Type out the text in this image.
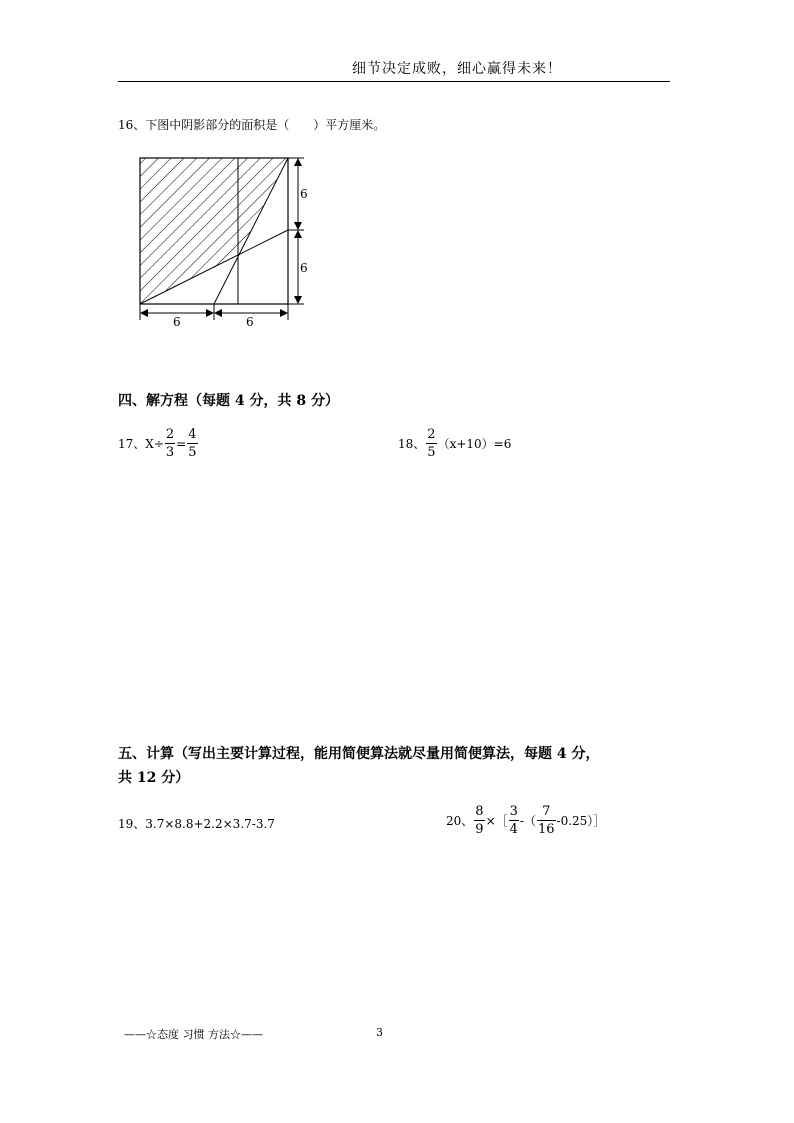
细节决定成败，细心赢得未来！
16、下图中阴影部分的面积是（　　）平方厘米。
6
6
6	6
四、解方程（每题 4 分，共 8 分）
17、$X\div \frac{2}{3} = \frac{4}{5}$	18、 $\frac{2}{5} (x+10)=6$
五、计算（写出主要计算过程，能用简便算法就尽量用简便算法，每题 4 分，
共 12 分）
19、3.7×8.8+2.2×3.7-3.7	20、 $\frac{8}{9}$ ×［ $\frac{3}{4}$ -（ $\frac{7}{16}$ -0.25）］
——☆态度 习惯 方法☆——	3
